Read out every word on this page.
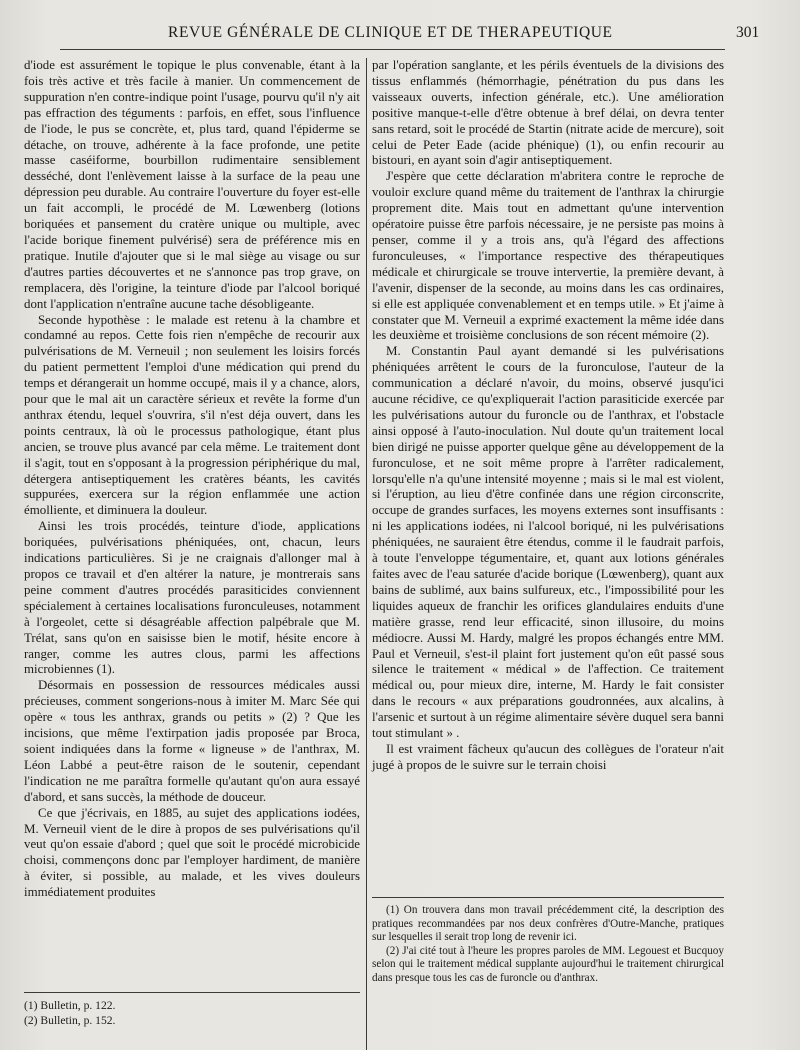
REVUE GÉNÉRALE DE CLINIQUE ET DE THERAPEUTIQUE	301

d'iode est assurément le topique le plus convenable, étant à la fois très active et très facile à manier. Un commencement de suppuration n'en contre-indique point l'usage, pourvu qu'il n'y ait pas effraction des téguments : parfois, en effet, sous l'influence de l'iode, le pus se concrète, et, plus tard, quand l'épiderme se détache, on trouve, adhérente à la face profonde, une petite masse caséiforme, bourbillon rudimentaire sensiblement desséché, dont l'enlèvement laisse à la surface de la peau une dépression peu durable. Au contraire l'ouverture du foyer est-elle un fait accompli, le procédé de M. Lœwenberg (lotions boriquées et pansement du cratère unique ou multiple, avec l'acide borique finement pulvérisé) sera de préférence mis en pratique. Inutile d'ajouter que si le mal siège au visage ou sur d'autres parties découvertes et ne s'annonce pas trop grave, on remplacera, dès l'origine, la teinture d'iode par l'alcool boriqué dont l'application n'entraîne aucune tache désobligeante.

Seconde hypothèse : le malade est retenu à la chambre et condamné au repos. Cette fois rien n'empêche de recourir aux pulvérisations de M. Verneuil ; non seulement les loisirs forcés du patient permettent l'emploi d'une médication qui prend du temps et dérangerait un homme occupé, mais il y a chance, alors, pour que le mal ait un caractère sérieux et revête la forme d'un anthrax étendu, lequel s'ouvrira, s'il n'est déja ouvert, dans les points centraux, là où le processus pathologique, étant plus ancien, se trouve plus avancé par cela même. Le traitement dont il s'agit, tout en s'opposant à la progression périphérique du mal, détergera antiseptiquement les cratères béants, les cavités suppurées, exercera sur la région enflammée une action émolliente, et diminuera la douleur.

Ainsi les trois procédés, teinture d'iode, applications boriquées, pulvérisations phéniquées, ont, chacun, leurs indications particulières. Si je ne craignais d'allonger mal à propos ce travail et d'en altérer la nature, je montrerais sans peine comment d'autres procédés parasiticides conviennent spécialement à certaines localisations furonculeuses, notamment à l'orgeolet, cette si désagréable affection palpébrale que M. Trélat, sans qu'on en saisisse bien le motif, hésite encore à ranger, comme les autres clous, parmi les affections microbiennes (1).

Désormais en possession de ressources médicales aussi précieuses, comment songerions-nous à imiter M. Marc Sée qui opère « tous les anthrax, grands ou petits » (2) ? Que les incisions, que même l'extirpation jadis proposée par Broca, soient indiquées dans la forme « ligneuse » de l'anthrax, M. Léon Labbé a peut-être raison de le soutenir, cependant l'indication ne me paraîtra formelle qu'autant qu'on aura essayé d'abord, et sans succès, la méthode de douceur.

Ce que j'écrivais, en 1885, au sujet des applications iodées, M. Verneuil vient de le dire à propos de ses pulvérisations qu'il veut qu'on essaie d'abord ; quel que soit le procédé microbicide choisi, commençons donc par l'employer hardiment, de manière à éviter, si possible, au malade, et les vives douleurs immédiatement produites

par l'opération sanglante, et les périls éventuels de la divisions des tissus enflammés (hémorrhagie, pénétration du pus dans les vaisseaux ouverts, infection générale, etc.). Une amélioration positive manque-t-elle d'être obtenue à bref délai, on devra tenter sans retard, soit le procédé de Startin (nitrate acide de mercure), soit celui de Peter Eade (acide phénique) (1), ou enfin recourir au bistouri, en ayant soin d'agir antiseptiquement.

J'espère que cette déclaration m'abritera contre le reproche de vouloir exclure quand même du traitement de l'anthrax la chirurgie proprement dite. Mais tout en admettant qu'une intervention opératoire puisse être parfois nécessaire, je ne persiste pas moins à penser, comme il y a trois ans, qu'à l'égard des affections furonculeuses, « l'importance respective des thérapeutiques médicale et chirurgicale se trouve intervertie, la première devant, à l'avenir, dispenser de la seconde, au moins dans les cas ordinaires, si elle est appliquée convenablement et en temps utile. » Et j'aime à constater que M. Verneuil a exprimé exactement la même idée dans les deuxième et troisième conclusions de son récent mémoire (2).

M. Constantin Paul ayant demandé si les pulvérisations phéniquées arrêtent le cours de la furonculose, l'auteur de la communication a déclaré n'avoir, du moins, observé jusqu'ici aucune récidive, ce qu'expliquerait l'action parasiticide exercée par les pulvérisations autour du furoncle ou de l'anthrax, et l'obstacle ainsi opposé à l'auto-inoculation. Nul doute qu'un traitement local bien dirigé ne puisse apporter quelque gêne au développement de la furonculose, et ne soit même propre à l'arrêter radicalement, lorsqu'elle n'a qu'une intensité moyenne ; mais si le mal est violent, si l'éruption, au lieu d'être confinée dans une région circonscrite, occupe de grandes surfaces, les moyens externes sont insuffisants : ni les applications iodées, ni l'alcool boriqué, ni les pulvérisations phéniquées, ne sauraient être étendus, comme il le faudrait parfois, à toute l'enveloppe tégumentaire, et, quant aux lotions générales faites avec de l'eau saturée d'acide borique (Lœwenberg), quant aux bains de sublimé, aux bains sulfureux, etc., l'impossibilité pour les liquides aqueux de franchir les orifices glandulaires enduits d'une matière grasse, rend leur efficacité, sinon illusoire, du moins médiocre. Aussi M. Hardy, malgré les propos échangés entre MM. Paul et Verneuil, s'est-il plaint fort justement qu'on eût passé sous silence le traitement « médical » de l'affection. Ce traitement médical ou, pour mieux dire, interne, M. Hardy le fait consister dans le recours « aux préparations goudronnées, aux alcalins, à l'arsenic et surtout à un régime alimentaire sévère duquel sera banni tout stimulant » .

Il est vraiment fâcheux qu'aucun des collègues de l'orateur n'ait jugé à propos de le suivre sur le terrain choisi

(1) Bulletin, p. 122.

(2) Bulletin, p. 152.

(1) On trouvera dans mon travail précédemment cité, la description des pratiques recommandées par nos deux confrères d'Outre-Manche, pratiques sur lesquelles il serait trop long de revenir ici.

(2) J'ai cité tout à l'heure les propres paroles de MM. Legouest et Bucquoy selon qui le traitement médical supplante aujourd'hui le traitement chirurgical dans presque tous les cas de furoncle ou d'anthrax.
